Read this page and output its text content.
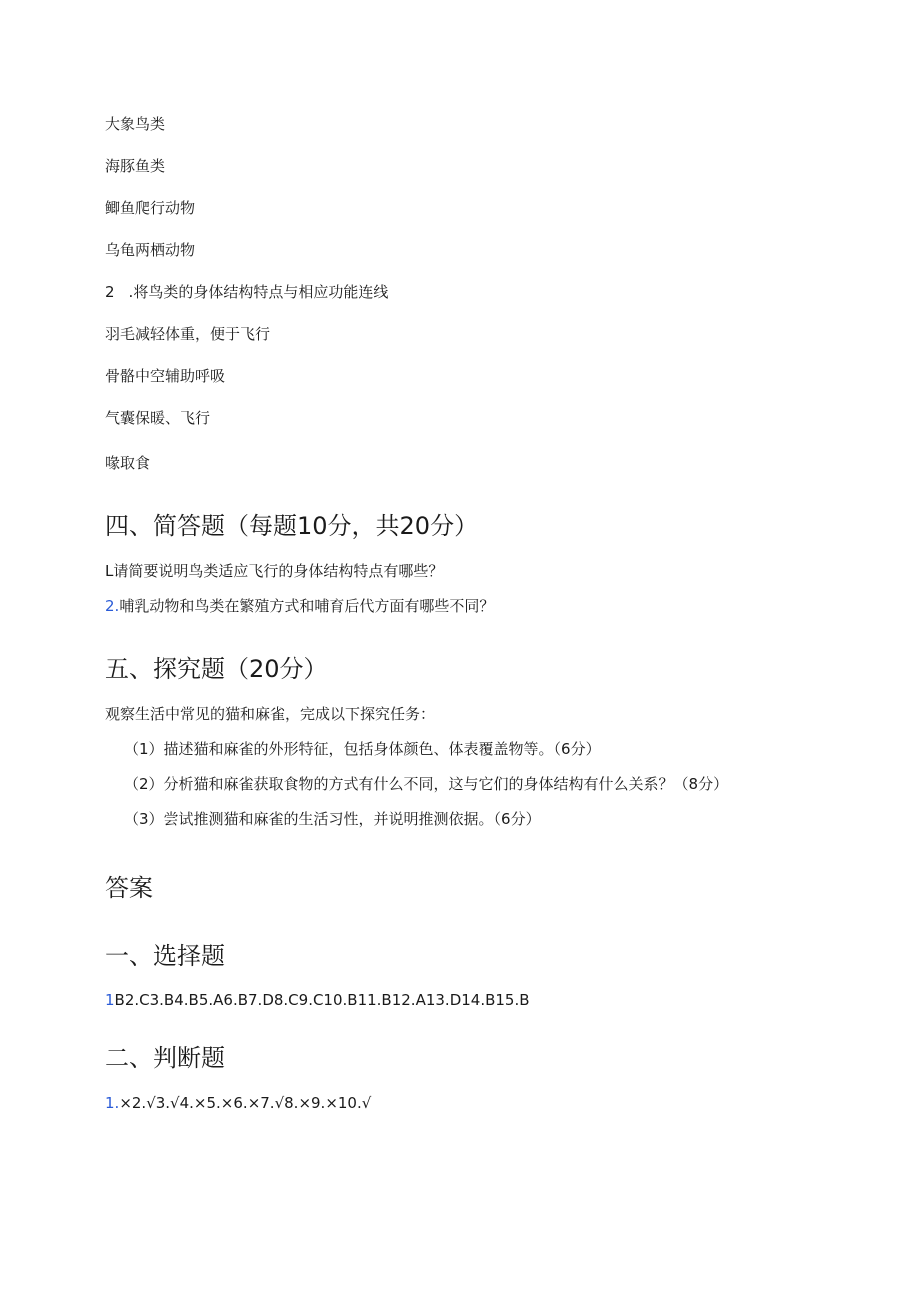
大象鸟类
海豚鱼类
鲫鱼爬行动物
乌龟两栖动物
2 .将鸟类的身体结构特点与相应功能连线
羽毛减轻体重，便于飞行
骨骼中空辅助呼吸
气囊保暖、飞行
喙取食
四、简答题（每题10分，共20分）
L请简要说明鸟类适应飞行的身体结构特点有哪些？
2.哺乳动物和鸟类在繁殖方式和哺育后代方面有哪些不同？
五、探究题（20分）
观察生活中常见的猫和麻雀，完成以下探究任务：
（1）描述猫和麻雀的外形特征，包括身体颜色、体表覆盖物等。（6分）
（2）分析猫和麻雀获取食物的方式有什么不同，这与它们的身体结构有什么关系？（8分）
（3）尝试推测猫和麻雀的生活习性，并说明推测依据。（6分）
答案
一、选择题
1B2.C3.B4.B5.A6.B7.D8.C9.C10.B11.B12.A13.D14.B15.B
二、判断题
1.×2.√3.√4.×5.×6.×7.√8.×9.×10.√
